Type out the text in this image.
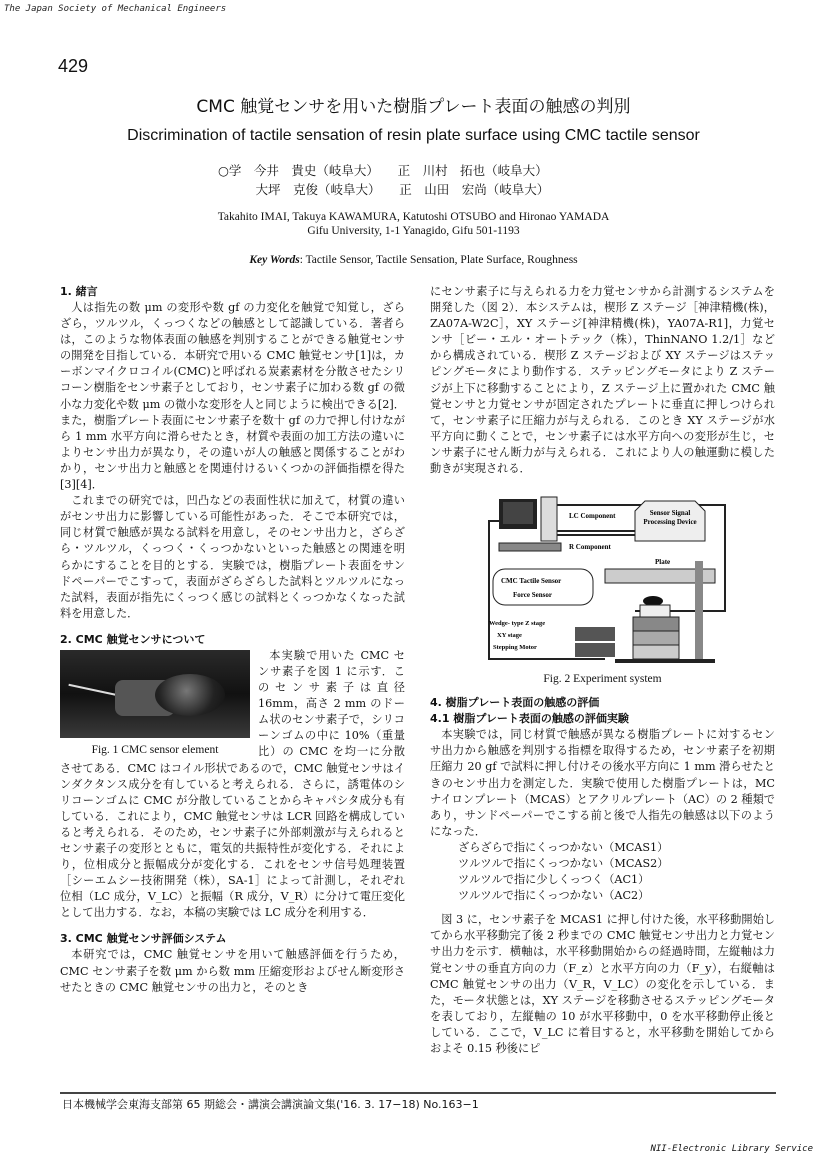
The Japan Society of Mechanical Engineers
429
CMC 触覚センサを用いた樹脂プレート表面の触感の判別
Discrimination of tactile sensation of resin plate surface using CMC tactile sensor
○学　今井　貴史（岐阜大）　　正　川村　拓也（岐阜大）
　　　大坪　克俊（岐阜大）　　正　山田　宏尚（岐阜大）
Takahito IMAI, Takuya KAWAMURA, Katutoshi OTSUBO and Hironao YAMADA
Gifu University, 1-1 Yanagido, Gifu 501-1193
Key Words: Tactile Sensor, Tactile Sensation, Plate Surface, Roughness
1. 緒言

人は指先の数 μm の変形や数 gf の力変化を触覚で知覚し，ざらざら，ツルツル，くっつくなどの触感として認識している．著者らは，このような物体表面の触感を判別することができる触覚センサの開発を目指している．本研究で用いる CMC 触覚センサ[1]は，カーボンマイクロコイル(CMC)と呼ばれる炭素素材を分散させたシリコーン樹脂をセンサ素子としており，センサ素子に加わる数 gf の微小な力変化や数 μm の微小な変形を人と同じように検出できる[2]．また，樹脂プレート表面にセンサ素子を数十 gf の力で押し付けながら 1 mm 水平方向に滑らせたとき，材質や表面の加工方法の違いによりセンサ出力が異なり，その違いが人の触感と関係することがわかり，センサ出力と触感とを関連付けるいくつかの評価指標を得た[3][4]．

これまでの研究では，凹凸などの表面性状に加えて，材質の違いがセンサ出力に影響している可能性があった．そこで本研究では，同じ材質で触感が異なる試料を用意し，そのセンサ出力と，ざらざら・ツルツル，くっつく・くっつかないといった触感との関連を明らかにすることを目的とする．実験では，樹脂プレート表面をサンドペーパーでこすって，表面がざらざらした試料とツルツルになった試料，表面が指先にくっつく感じの試料とくっつかなくなった試料を用意した．

2. CMC 触覚センサについて
Fig. 1 CMC sensor element

本実験で用いた CMC センサ素子を図 1 に示す．このセンサ素子は直径 16mm，高さ 2 mm のドーム状のセンサ素子で，シリコーンゴムの中に 10%（重量比）の CMC を均一に分散させてある．CMC はコイル形状であるので，CMC 触覚センサはインダクタンス成分を有していると考えられる．さらに，誘電体のシリコーンゴムに CMC が分散していることからキャパシタ成分も有している．これにより，CMC 触覚センサは LCR 回路を構成していると考えられる．そのため，センサ素子に外部刺激が与えられるとセンサ素子の変形とともに，電気的共振特性が変化する．それにより，位相成分と振幅成分が変化する．これをセンサ信号処理装置［シーエムシー技術開発（株），SA-1］によって計測し，それぞれ位相（LC 成分，V_LC）と振幅（R 成分，V_R）に分けて電圧変化として出力する．なお，本稿の実験では LC 成分を利用する．

3. CMC 触覚センサ評価システム

本研究では，CMC 触覚センサを用いて触感評価を行うため，CMC センサ素子を数 μm から数 mm 圧縮変形およびせん断変形させたときの CMC 触覚センサの出力と，そのとき

にセンサ素子に与えられる力を力覚センサから計測するシステムを開発した（図 2）．本システムは，楔形 Z ステージ［神津精機(株)，ZA07A-W2C］，XY ステージ[神津精機(株)，YA07A-R1]，力覚センサ［ビー・エル・オートテック（株），ThinNANO 1.2/1］などから構成されている．楔形 Z ステージおよび XY ステージはステッピングモータにより動作する．ステッピングモータにより Z ステージが上下に移動することにより，Z ステージ上に置かれた CMC 触覚センサと力覚センサが固定されたプレートに垂直に押しつけられて，センサ素子に圧縮力が与えられる．このとき XY ステージが水平方向に動くことで，センサ素子には水平方向への変形が生じ，センサ素子にせん断力が与えられる．これにより人の触運動に模した動きが実現される．

Sensor Signal
Processing Device
LC Component
R Component
Plate
CMC Tactile Sensor
Force Sensor
Wedge- type Z stage
XY stage
Stepping Motor
Fig. 2 Experiment system
4. 樹脂プレート表面の触感の評価
4.1 樹脂プレート表面の触感の評価実験

本実験では，同じ材質で触感が異なる樹脂プレートに対するセンサ出力から触感を判別する指標を取得するため，センサ素子を初期圧縮力 20 gf で試料に押し付けその後水平方向に 1 mm 滑らせたときのセンサ出力を測定した．実験で使用した樹脂プレートは，MC ナイロンプレート（MCAS）とアクリルプレート（AC）の 2 種類であり，サンドペーパーでこする前と後で人指先の触感は以下のようになった．

ざらざらで指にくっつかない（MCAS1）
ツルツルで指にくっつかない（MCAS2）
ツルツルで指に少しくっつく（AC1）
ツルツルで指にくっつかない（AC2）

図 3 に，センサ素子を MCAS1 に押し付けた後，水平移動開始してから水平移動完了後 2 秒までの CMC 触覚センサ出力と力覚センサ出力を示す．横軸は，水平移動開始からの経過時間，左縦軸は力覚センサの垂直方向の力（F_z）と水平方向の力（F_y），右縦軸は CMC 触覚センサの出力（V_R，V_LC）の変化を示している．また，モータ状態とは，XY ステージを移動させるステッピングモータを表しており，左縦軸の 10 が水平移動中，0 を水平移動停止後としている．ここで，V_LC に着目すると，水平移動を開始してからおよそ 0.15 秒後にピ

日本機械学会東海支部第 65 期総会・講演会講演論文集('16. 3. 17−18) No.163−1
NII-Electronic Library Service
